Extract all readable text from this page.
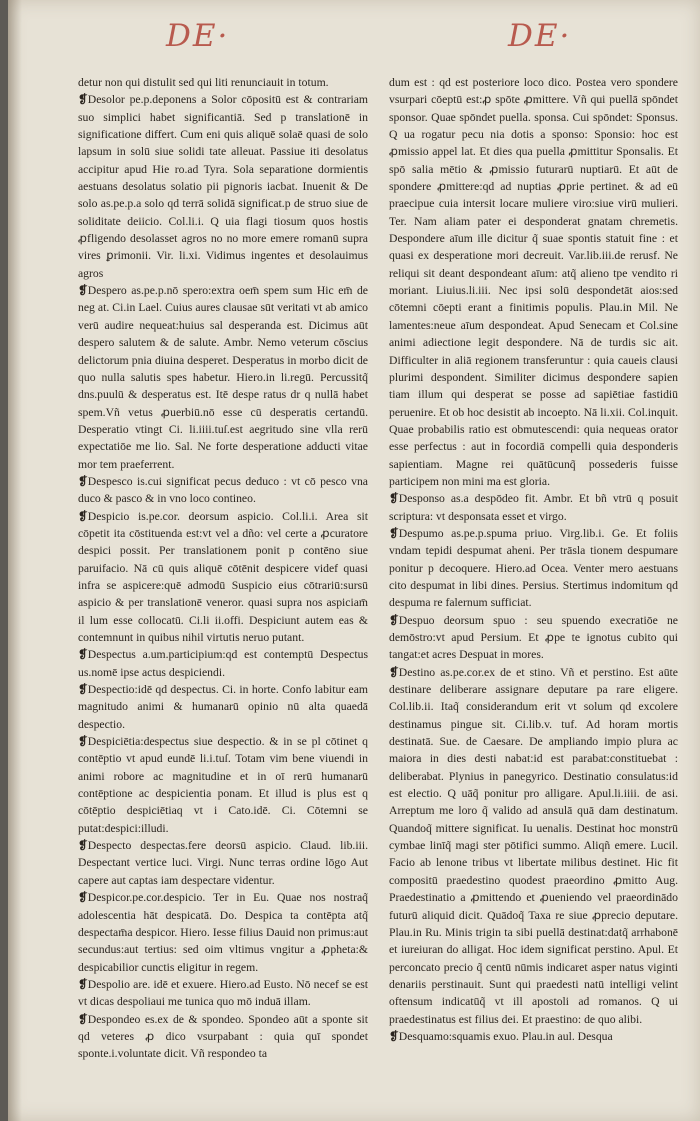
DE·	DE·

detur non qui distulit sed qui liti renunciauit in totum.

❡Desolor pe.p.deponens a Solor cōpositū est & contrariam suo simplici habet significantiā. Sed p translationē in significatione differt. Cum eni quis aliquē solaē quasi de solo lapsum in solū siue solidi tate alleuat. Passiue iti desolatus accipitur apud Hie ro.ad Tyra. Sola separatione dormientis aestuans desolatus solatio pii pignoris iacbat. Inuenit & De solo as.pe.p.a solo qd terrā solidā significat.p de struo siue de soliditate deiicio. Col.li.i. Q uia flagi tiosum quos hostis ꝓfligendo desolasset agros no no more emere romanū supra vires ꝑrimonii. Vir. li.xi. Vidimus ingentes et desolauimus agros

❡Despero as.pe.p.nō spero:extra oem̄ spem sum Hic em̄ de neg at. Ci.in Lael. Cuius aures clausae sūt veritati vt ab amico verū audire nequeat:huius sal desperanda est. Dicimus aūt despero salutem & de salute. Ambr. Nemo veterum cōscius delictorum pnia diuina desperet. Desperatus in morbo dicit de quo nulla salutis spes habetur. Hiero.in li.regū. Percussitq̃ dns.puulū & desperatus est. Itē despe ratus dr q nullā habet spem.Vñ vetus ꝓuerbiū.nō esse cū desperatis certandū. Desperatio vtingt Ci. li.iiii.tuſ.est aegritudo sine vlla rerū expectatiōe me lio. Sal. Ne forte desperatione adducti vitae mor tem praeferrent.

❡Despesco is.cui significat pecus deduco : vt cō pesco vna duco & pasco & in vno loco contineo.

❡Despicio is.pe.cor. deorsum aspicio. Col.li.i. Area sit cōpetit ita cōstituenda est:vt vel a dño: vel certe a ꝓcuratore despici possit. Per translationem ponit p contēno siue paruifacio. Nā cū quis aliquē cōtēnit despicere videf quasi infra se aspicere:quē admodū Suspicio eius cōtrariū:sursū aspicio & per translationē veneror. quasi supra nos aspiciam̄ il lum esse collocatū. Ci.li ii.offi. Despiciunt autem eas & contemnunt in quibus nihil virtutis neruo putant.

❡Despectus a.um.participium:qd est contemptū Despectus us.nomē ipse actus despiciendi.

❡Despectio:idē qd despectus. Ci. in horte. Confo labitur eam magnitudo animi & humanarū opinio nū alta quaedā despectio.

❡Despiciētia:despectus siue despectio. & in se pl cōtinet q contēptio vt apud eundē li.i.tuſ. Totam vim bene viuendi in animi robore ac magnitudine et in oī rerū humanarū contēptione ac despicientia ponam. Et illud is plus est q cōtēptio despiciētiaq vt i Cato.idē. Ci. Cōtemni se putat:despici:illudi.

❡Despecto despectas.fere deorsū aspicio. Claud. lib.iii. Despectant vertice luci. Virgi. Nunc terras ordine lōgo Aut capere aut captas iam despectare videntur.

❡Despicor.pe.cor.despicio. Ter in Eu. Quae nos nostraq̃ adolescentia hāt despicatā. Do. Despica ta contēpta atq̃ despectam̄a despicor. Hiero. Iesse filius Dauid non primus:aut secundus:aut tertius: sed oim vltimus vngitur a ꝓpheta:& despicabilior cunctis eligitur in regem.

❡Despolio are. idē et exuere. Hiero.ad Eusto. Nō necef se est vt dicas despoliaui me tunica quo mō induā illam.

❡Despondeo es.ex de & spondeo. Spondeo aūt a sponte sit qd veteres ꝓ dico vsurpabant : quia quī spondet sponte.i.voluntate dicit. Vñ respondeo ta

dum est : qd est posteriore loco dico. Postea vero spondere vsurpari cōeptū est:ꝓ spōte ꝓmittere. Vñ qui puellā spōndet sponsor. Quae spōndet puella. sponsa. Cui spōndet: Sponsus. Q ua rogatur pecu nia dotis a sponso: Sponsio: hoc est ꝓmissio appel lat. Et dies qua puella ꝓmittitur Sponsalis. Et spō salia mētio & ꝓmissio futurarū nuptiarū. Et aūt de spondere ꝓmittere:qd ad nuptias ꝓprie pertinet. & ad eū praecipue cuia intersit locare muliere viro:siue virū mulieri. Ter. Nam aliam pater ei desponderat gnatam chremetis. Despondere aīum ille dicitur q̃ suae spontis statuit fine : et quasi ex desperatione mori decreuit. Var.lib.iii.de rerusf. Ne reliqui sit deant despondeant aīum: atq̃ alieno tpe vendito ri moriant. Liuius.li.iii. Nec ipsi solū despondetāt aios:sed cōtemni cōepti erant a finitimis populis. Plau.in Mil. Ne lamentes:neue aīum despondeat. Apud Senecam et Col.sine animi adiectione legit despondere. Nā de turdis sic ait. Difficulter in aliā regionem transferuntur : quia caueis clausi plurimi despondent. Similiter dicimus despondere sapien tiam illum qui desperat se posse ad sapiētiae fastidiū peruenire. Et ob hoc desistit ab incoepto. Nā li.xii. Col.inquit. Quae probabilis ratio est obmutescendi: quia nequeas orator esse perfectus : aut in focordiā compelli quia desponderis sapientiam. Magne rei quātūcunq̃ possederis fuisse participem non mini ma est gloria.

❡Desponso as.a despōdeo fit. Ambr. Et bñ vtrū q posuit scriptura: vt desponsata esset et virgo.

❡Despumo as.pe.p.spuma priuo. Virg.lib.i. Ge. Et foliis vndam tepidi despumat aheni. Per trāsla tionem despumare ponitur p decoquere. Hiero.ad Ocea. Venter mero aestuans cito despumat in libi dines. Persius. Stertimus indomitum qd despuma re falernum sufficiat.

❡Despuo deorsum spuo : seu spuendo execratiōe ne demōstro:vt apud Persium. Et ꝓpe te ignotus cubito qui tangat:et acres Despuat in mores.

❡Destino as.pe.cor.ex de et stino. Vñ et perstino. Est aūte destinare deliberare assignare deputare pa rare eligere. Col.lib.ii. Itaq̃ considerandum erit vt solum qd excolere destinamus pingue sit. Ci.lib.v. tuf. Ad horam mortis destinatā. Sue. de Caesare. De ampliando impio plura ac maiora in dies desti nabat:id est parabat:constituebat : deliberabat. Plynius in panegyrico. Destinatio consulatus:id est electio. Q uāq̃ ponitur pro alligare. Apul.li.iiii. de asi. Arreptum me loro q̃ valido ad ansulā quā dam destinatum. Quandoq̃ mittere significat. Iu uenalis. Destinat hoc monstrū cymbae linīq̃ magi ster pōtifici summo. Aliqñ emere. Lucil. Facio ab lenone tribus vt libertate milibus destinet. Hic fit compositū praedestino quodest praeordino ꝓmitto Aug. Praedestinatio a ꝓmittendo et ꝓueniendo vel praeordinādo futurū aliquid dicit. Quādoq̃ Taxa re siue ꝓprecio deputare. Plau.in Ru. Minis trigin ta sibi puellā destinat:datq̃ arrhabonē et iureiuran do alligat. Hoc idem significat perstino. Apul. Et perconcato precio q̃ centū nūmis indicaret asper natus viginti denariis perstinauit. Sunt qui praedesti natū intelligi velint oftensum indicatūq̃ vt ill apostoli ad romanos. Q ui praedestinatus est filius dei. Et praestino: de quo alibi.

❡Desquamo:squamis exuo. Plau.in aul. Desqua
